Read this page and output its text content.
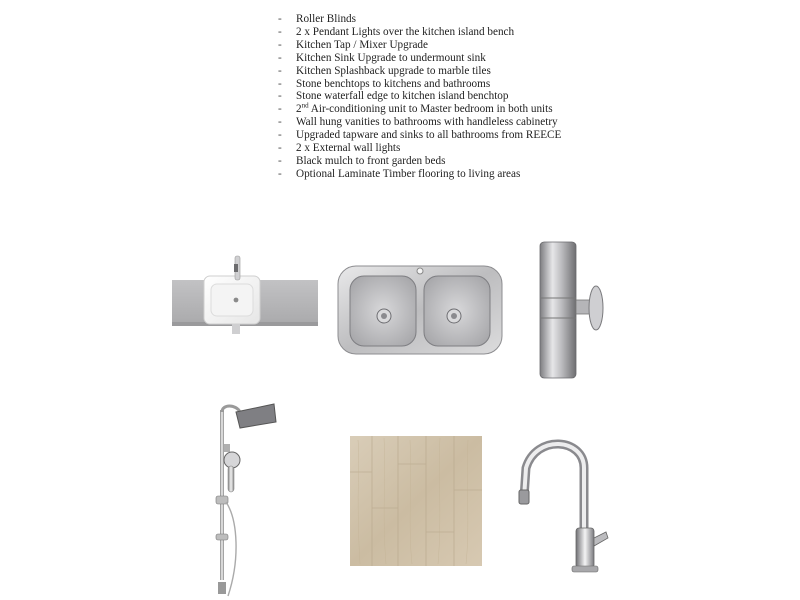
- Roller Blinds
- 2 x Pendant Lights over the kitchen island bench
- Kitchen Tap / Mixer Upgrade
- Kitchen Sink Upgrade to undermount sink
- Kitchen Splashback upgrade to marble tiles
- Stone benchtops to kitchens and bathrooms
- Stone waterfall edge to kitchen island benchtop
- 2nd Air-conditioning unit to Master bedroom in both units
- Wall hung vanities to bathrooms with handleless cabinetry
- Upgraded tapware and sinks to all bathrooms from REECE
- 2 x External wall lights
- Black mulch to front garden beds
- Optional Laminate Timber flooring to living areas
